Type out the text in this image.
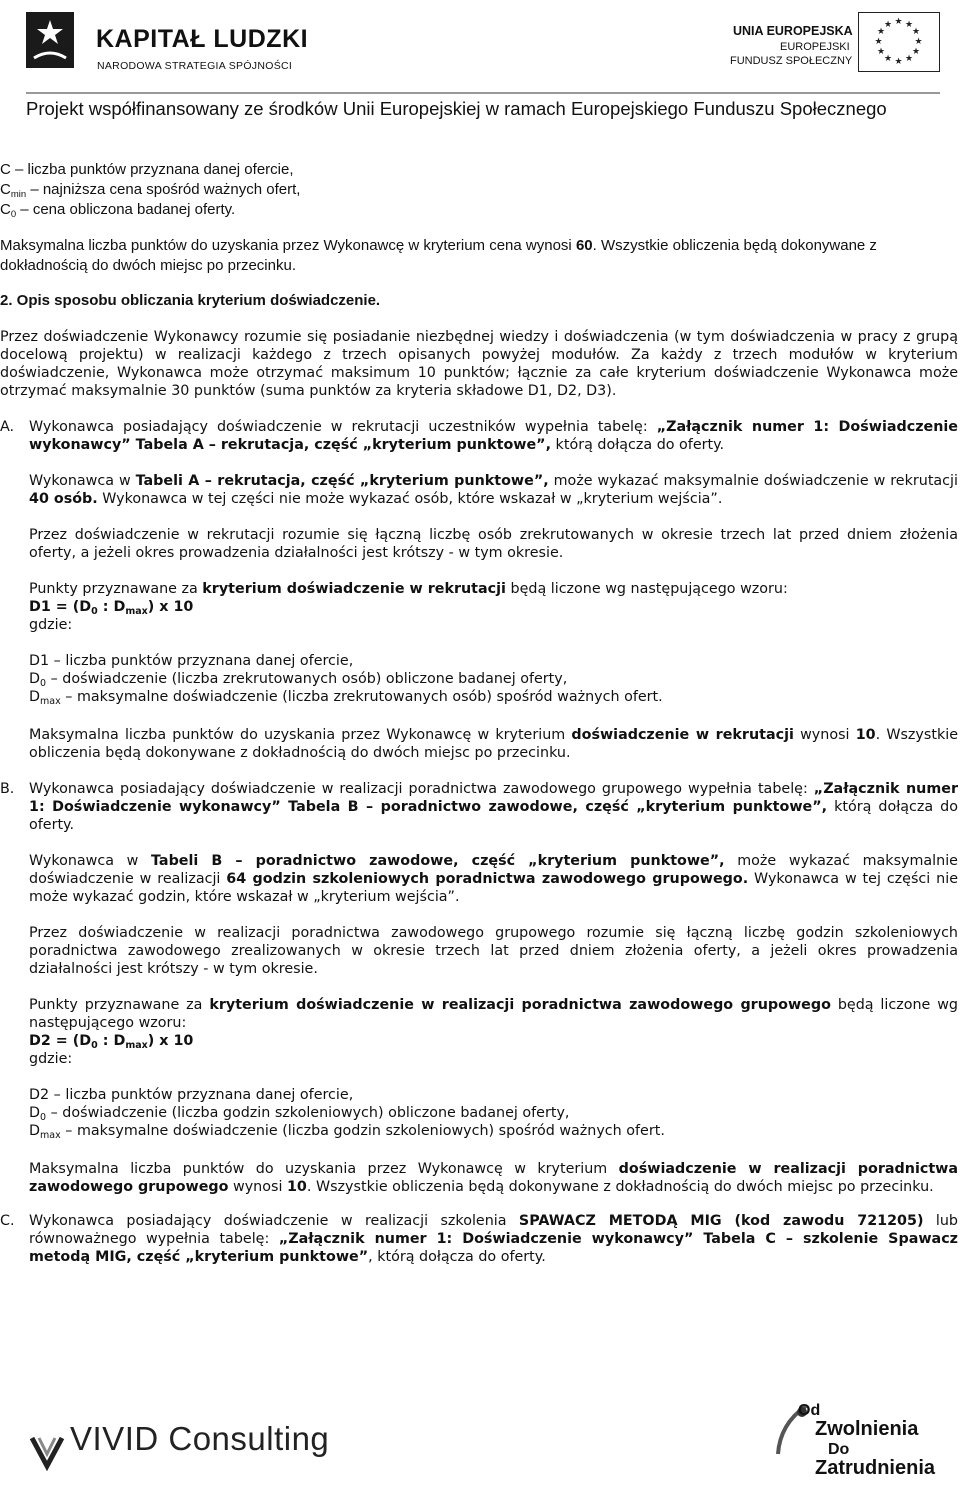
KAPITAŁ LUDZKI
NARODOWA STRATEGIA SPÓJNOŚCI
UNIA EUROPEJSKA
EUROPEJSKI
FUNDUSZ SPOŁECZNY
★ ★
★
★
★
★
★
★
★
★
★
★
Projekt współfinansowany ze środków Unii Europejskiej w ramach Europejskiego Funduszu Społecznego

C – liczba punktów przyznana danej ofercie,

$C_{min}$ – najniższa cena spośród ważnych ofert,

$C_0$ – cena obliczona badanej oferty.

Maksymalna liczba punktów do uzyskania przez Wykonawcę w kryterium cena wynosi 60. Wszystkie obliczenia będą dokonywane z dokładnością do dwóch miejsc po przecinku.

2. Opis sposobu obliczania kryterium doświadczenie.

Przez doświadczenie Wykonawcy rozumie się posiadanie niezbędnej wiedzy i doświadczenia (w tym doświadczenia w pracy z grupą docelową projektu) w realizacji każdego z trzech opisanych powyżej modułów. Za każdy z trzech modułów w kryterium doświadczenie, Wykonawca może otrzymać maksimum 10 punktów; łącznie za całe kryterium doświadczenie Wykonawca może otrzymać maksymalnie 30 punktów (suma punktów za kryteria składowe D1, D2, D3).

A. Wykonawca posiadający doświadczenie w rekrutacji uczestników wypełnia tabelę: „Załącznik numer 1: Doświadczenie wykonawcy” Tabela A – rekrutacja, część „kryterium punktowe”, którą dołącza do oferty.

Wykonawca w Tabeli A – rekrutacja, część „kryterium punktowe”, może wykazać maksymalnie doświadczenie w rekrutacji 40 osób. Wykonawca w tej części nie może wykazać osób, które wskazał w „kryterium wejścia”.

Przez doświadczenie w rekrutacji rozumie się łączną liczbę osób zrekrutowanych w okresie trzech lat przed dniem złożenia oferty, a jeżeli okres prowadzenia działalności jest krótszy - w tym okresie.

Punkty przyznawane za kryterium doświadczenie w rekrutacji będą liczone wg następującego wzoru:

$D1 = (D_0$ : $D_{max}$) x 10

gdzie:

D1 – liczba punktów przyznana danej ofercie,

$D_0$ – doświadczenie (liczba zrekrutowanych osób) obliczone badanej oferty,

$D_{max}$ – maksymalne doświadczenie (liczba zrekrutowanych osób) spośród ważnych ofert.

Maksymalna liczba punktów do uzyskania przez Wykonawcę w kryterium doświadczenie w rekrutacji wynosi 10. Wszystkie obliczenia będą dokonywane z dokładnością do dwóch miejsc po przecinku.

B. Wykonawca posiadający doświadczenie w realizacji poradnictwa zawodowego grupowego wypełnia tabelę: „Załącznik numer 1: Doświadczenie wykonawcy” Tabela B – poradnictwo zawodowe, część „kryterium punktowe”, którą dołącza do oferty.

Wykonawca w Tabeli B – poradnictwo zawodowe, część „kryterium punktowe”, może wykazać maksymalnie doświadczenie w realizacji 64 godzin szkoleniowych poradnictwa zawodowego grupowego. Wykonawca w tej części nie może wykazać godzin, które wskazał w „kryterium wejścia”.

Przez doświadczenie w realizacji poradnictwa zawodowego grupowego rozumie się łączną liczbę godzin szkoleniowych poradnictwa zawodowego zrealizowanych w okresie trzech lat przed dniem złożenia oferty, a jeżeli okres prowadzenia działalności jest krótszy - w tym okresie.

Punkty przyznawane za kryterium doświadczenie w realizacji poradnictwa zawodowego grupowego będą liczone wg następującego wzoru:

$D2 = (D_0$ : $D_{max}$) x 10

gdzie:

D2 – liczba punktów przyznana danej ofercie,

$D_0$ – doświadczenie (liczba godzin szkoleniowych) obliczone badanej oferty,

$D_{max}$ – maksymalne doświadczenie (liczba godzin szkoleniowych) spośród ważnych ofert.

Maksymalna liczba punktów do uzyskania przez Wykonawcę w kryterium doświadczenie w realizacji poradnictwa zawodowego grupowego wynosi 10. Wszystkie obliczenia będą dokonywane z dokładnością do dwóch miejsc po przecinku.

C. Wykonawca posiadający doświadczenie w realizacji szkolenia SPAWACZ METODĄ MIG (kod zawodu 721205) lub równoważnego wypełnia tabelę: „Załącznik numer 1: Doświadczenie wykonawcy” Tabela C – szkolenie Spawacz metodą MIG, część „kryterium punktowe”, którą dołącza do oferty.
VIVID Consulting
Od
Zwolnienia
Do
Zatrudnienia
